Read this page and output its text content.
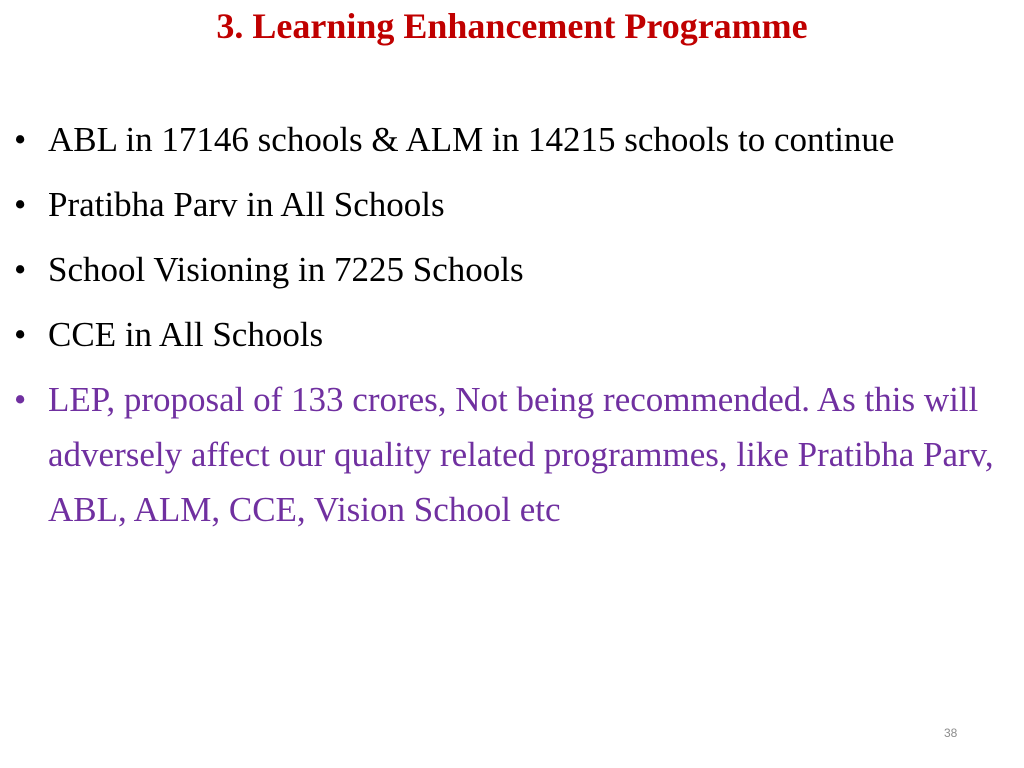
3. Learning Enhancement Programme
• ABL in 17146 schools & ALM in 14215 schools to continue
• Pratibha Parv in All Schools
• School Visioning in 7225 Schools
• CCE in All Schools
• LEP, proposal of 133 crores, Not being recommended. As this will adversely affect our quality related programmes, like Pratibha Parv, ABL, ALM, CCE, Vision School etc
38
